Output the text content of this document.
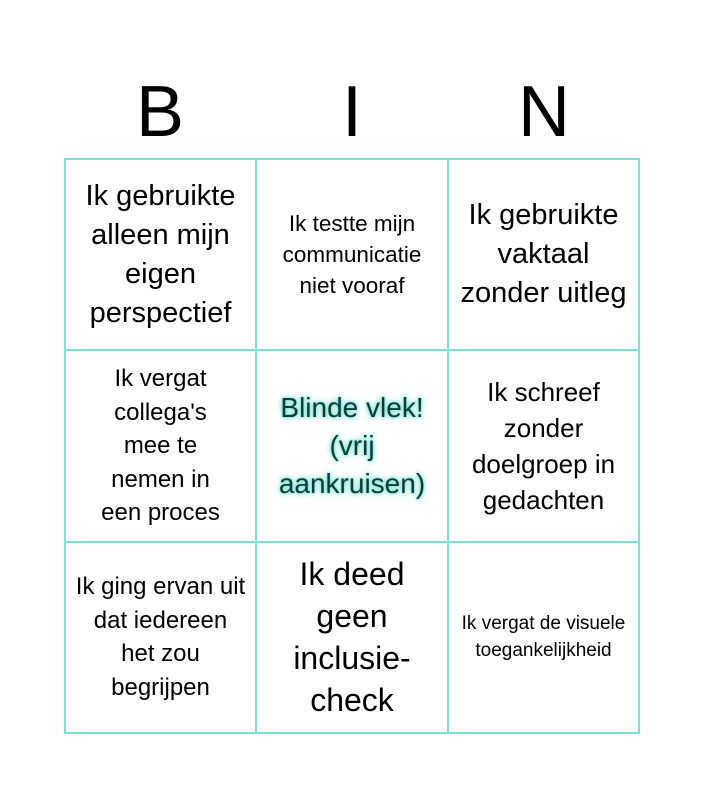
B	I	N
Ik gebruikte alleen mijn eigen perspectief
Ik testte mijn communicatie niet vooraf
Ik gebruikte vaktaal zonder uitleg
Ik vergat collega's mee te nemen in een proces
Blinde vlek! (vrij aankruisen)
Ik schreef zonder doelgroep in gedachten
Ik ging ervan uit dat iedereen het zou begrijpen
Ik deed geen inclusie-check
Ik vergat de visuele toegankelijkheid
